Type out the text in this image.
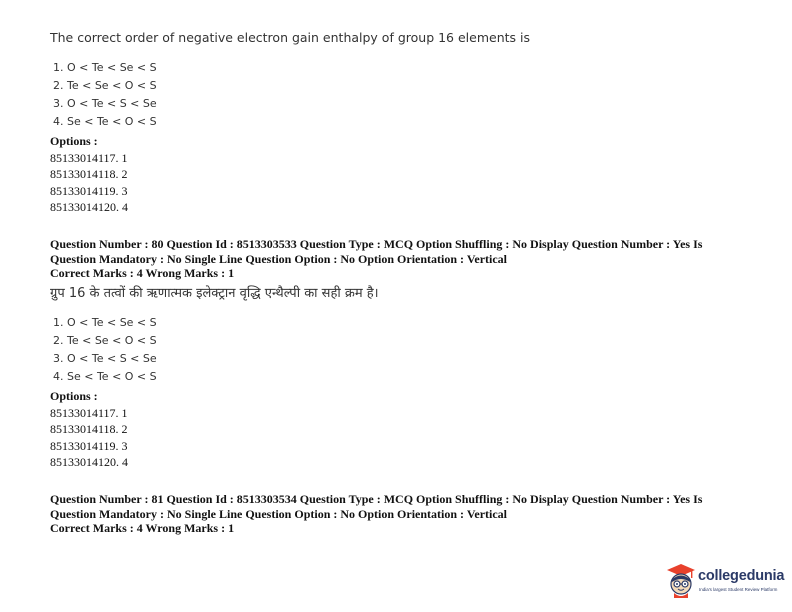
The correct order of negative electron gain enthalpy of group 16 elements is
1. O < Te < Se < S
2. Te < Se < O < S
3. O < Te < S < Se
4. Se < Te < O < S
Options :
85133014117. 1
85133014118. 2
85133014119. 3
85133014120. 4
Question Number : 80 Question Id : 8513303533 Question Type : MCQ Option Shuffling : No Display Question Number : Yes Is
Question Mandatory : No Single Line Question Option : No Option Orientation : Vertical
Correct Marks : 4 Wrong Marks : 1
ग्रुप 16 के तत्वों की ऋणात्मक इलेक्ट्रान वृद्धि एन्थैल्पी का सही क्रम है।
1. O < Te < Se < S
2. Te < Se < O < S
3. O < Te < S < Se
4. Se < Te < O < S
Options :
85133014117. 1
85133014118. 2
85133014119. 3
85133014120. 4
Question Number : 81 Question Id : 8513303534 Question Type : MCQ Option Shuffling : No Display Question Number : Yes Is
Question Mandatory : No Single Line Question Option : No Option Orientation : Vertical
Correct Marks : 4 Wrong Marks : 1
collegedunia
India's largest Student Review Platform
